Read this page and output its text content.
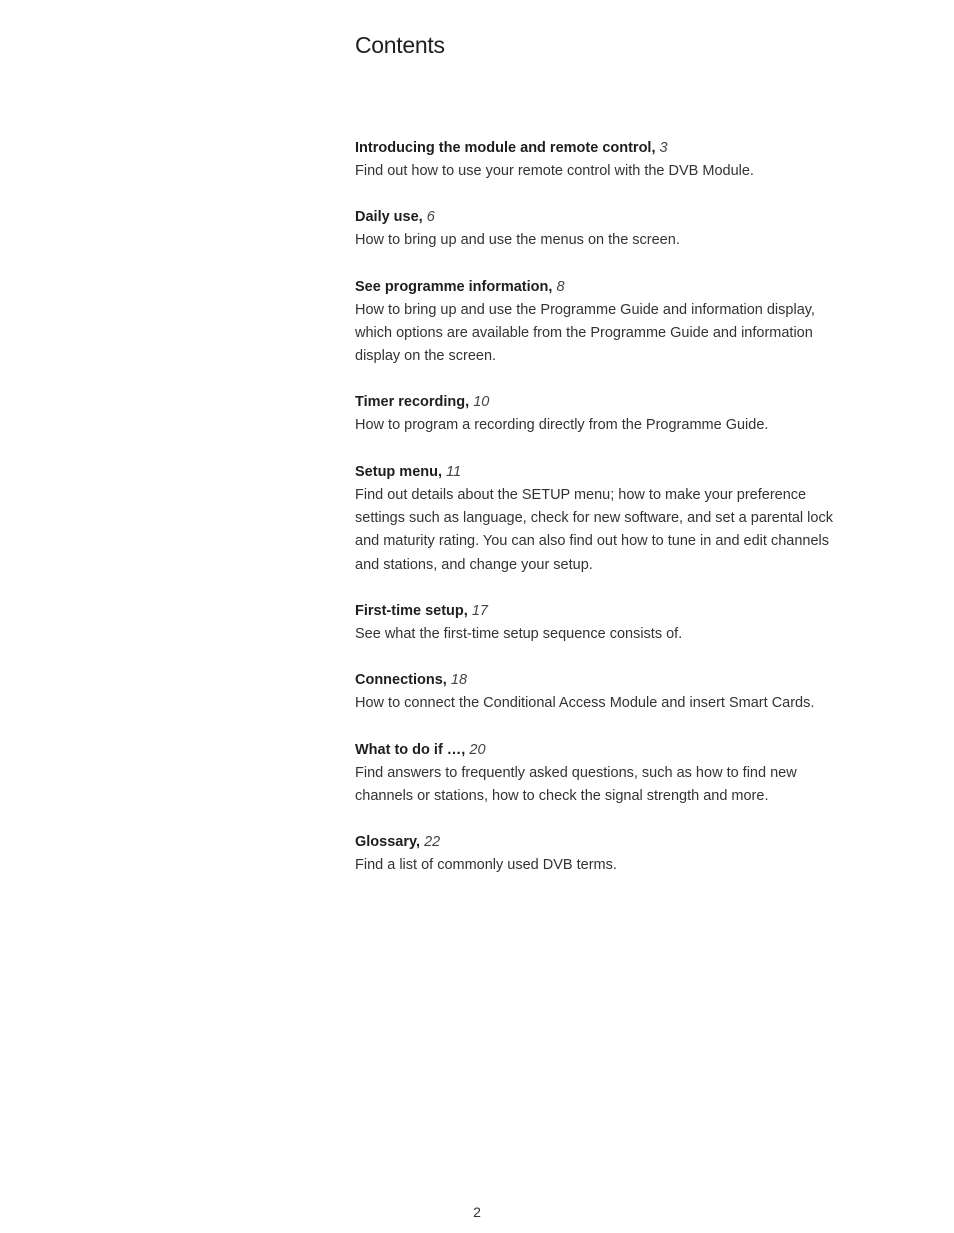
Contents
Introducing the module and remote control, 3
Find out how to use your remote control with the DVB Module.
Daily use, 6
How to bring up and use the menus on the screen.
See programme information, 8
How to bring up and use the Programme Guide and information display, which options are available from the Programme Guide and information display on the screen.
Timer recording, 10
How to program a recording directly from the Programme Guide.
Setup menu, 11
Find out details about the SETUP menu; how to make your preference settings such as language, check for new software, and set a parental lock and maturity rating. You can also find out how to tune in and edit channels and stations, and change your setup.
First-time setup, 17
See what the first-time setup sequence consists of.
Connections, 18
How to connect the Conditional Access Module and insert Smart Cards.
What to do if …, 20
Find answers to frequently asked questions, such as how to find new channels or stations, how to check the signal strength and more.
Glossary, 22
Find a list of commonly used DVB terms.
2
